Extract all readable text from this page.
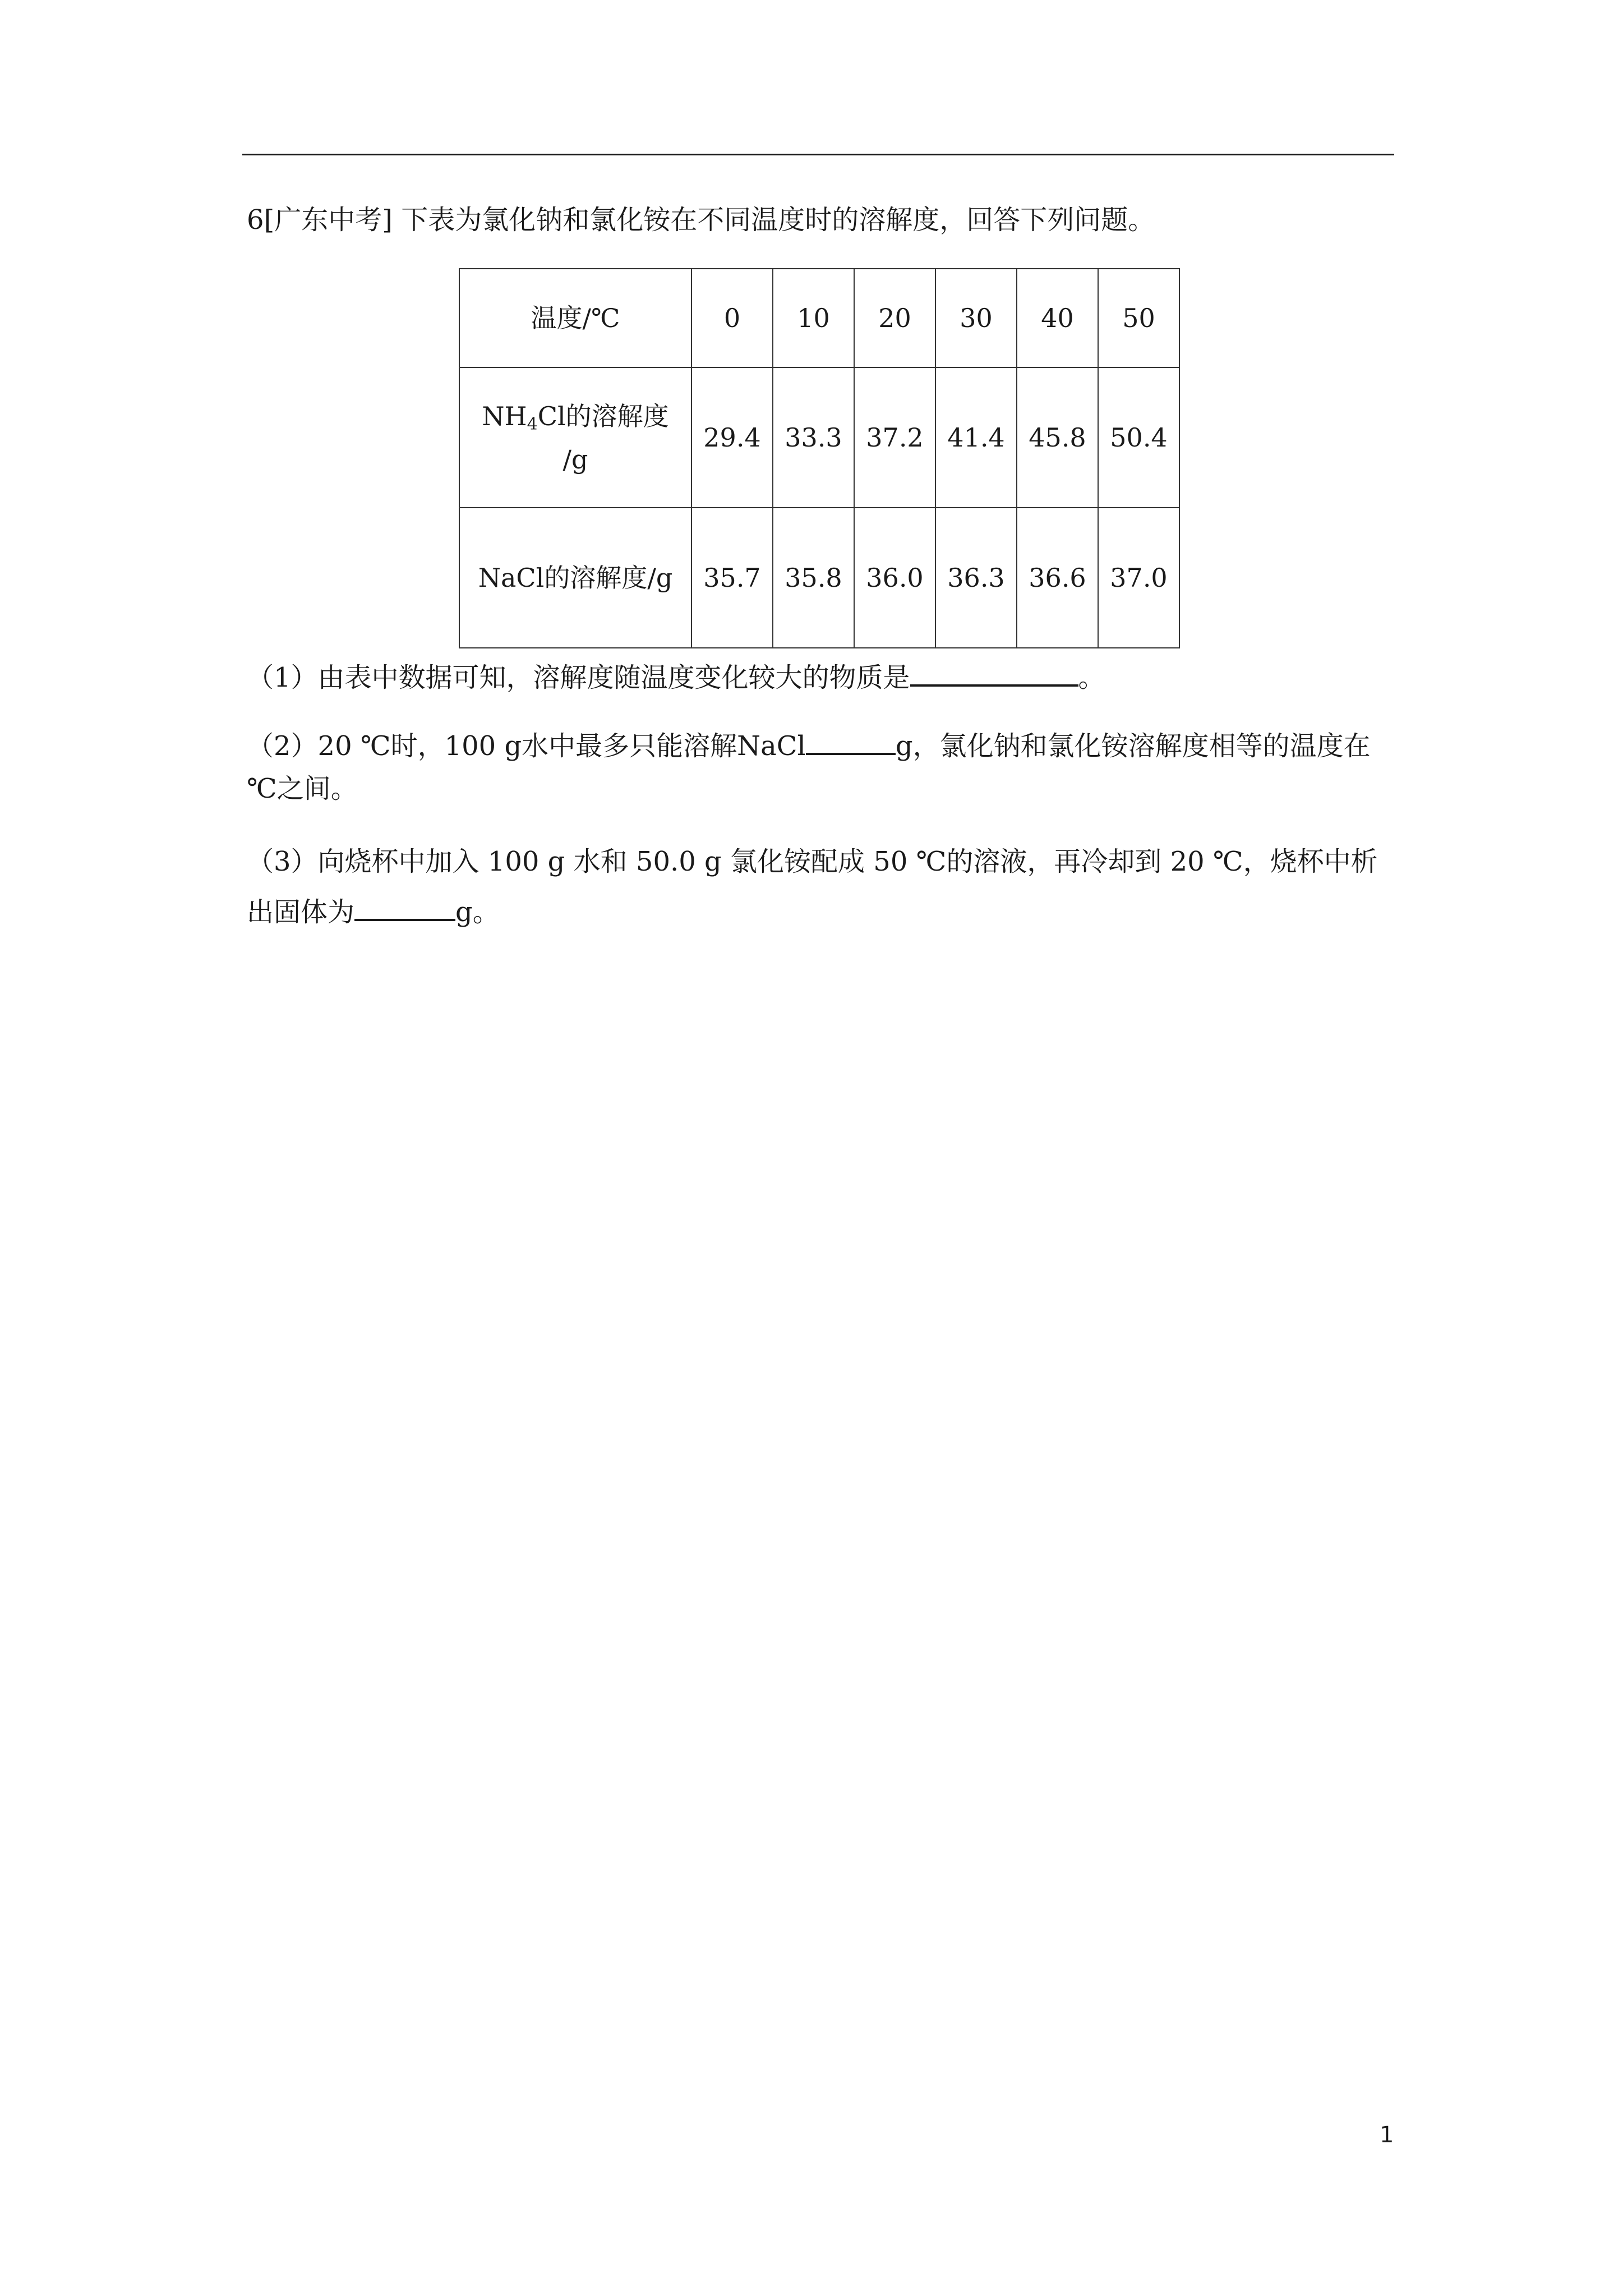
6[广东中考] 下表为氯化钠和氯化铵在不同温度时的溶解度，回答下列问题。
温度/℃	0	10	20	30	40	50
NH4Cl的溶解度
/g	29.4	33.3	37.2	41.4	45.8	50.4
NaCl的溶解度/g	35.7	35.8	36.0	36.3	36.6	37.0
（1）由表中数据可知，溶解度随温度变化较大的物质是	。
（2）20 ℃时，100 g水中最多只能溶解NaCl	g，氯化钠和氯化铵溶解度相等的温度在
℃之间。
（3）向烧杯中加入 100 g 水和 50.0 g 氯化铵配成 50 ℃的溶液，再冷却到 20 ℃，烧杯中析
出固体为	g。
1
